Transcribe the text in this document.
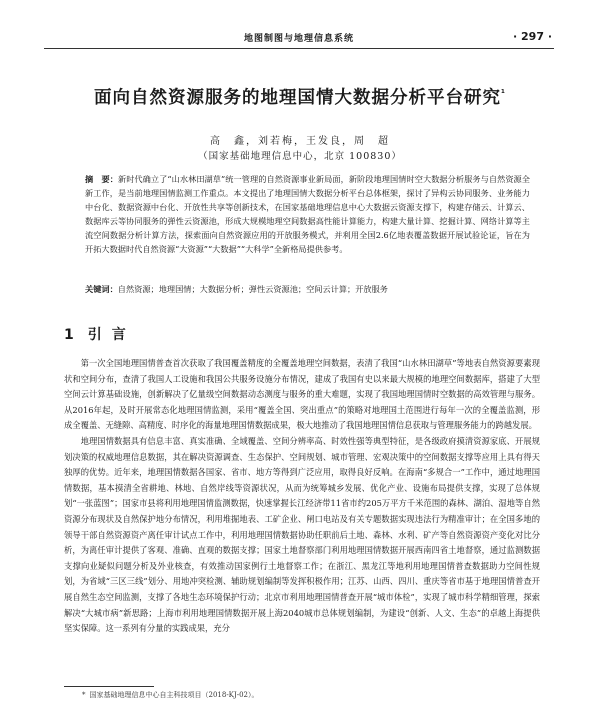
地图制图与地理信息系统	· 297 ·
面向自然资源服务的地理国情大数据分析平台研究$^{^1}$
高　鑫，刘若梅，王发良，周　超
（国家基础地理信息中心，北京 100830）
摘　要：新时代确立了“山水林田湖草”统一管理的自然资源事业新局面，新阶段地理国情时空大数据分析服务与自然资源全新工作，是当前地理国情监测工作重点。本文提出了地理国情大数据分析平台总体框架，探讨了异构云协同服务、业务能力中台化、数据资源中台化、开放性共享等创新技术，在国家基础地理信息中心大数据云资源支撑下，构建存储云、计算云、数据库云等协同服务的弹性云资源池，形成大规模地理空间数据高性能计算能力，构建大量计算、挖掘计算、网络计算等主流空间数据分析计算方法，探索面向自然资源应用的开放服务模式，并利用全国2.6亿地表覆盖数据开展试验论证，旨在为开拓大数据时代自然资源“大资源”“大数据”“大科学”全新格局提供参考。
关键词：自然资源；地理国情；大数据分析；弹性云资源池；空间云计算；开放服务
1 引言

第一次全国地理国情普查首次获取了我国覆盖精度的全覆盖地理空间数据，表清了我国“山水林田湖草”等地表自然资源要素现状和空间分布，查清了我国人工设施和我国公共服务设施分布情况，建成了我国有史以来最大规模的地理空间数据库，搭建了大型空间云计算基础设施，创新解决了亿量级空间数据动态测度与服务的重大难题，实现了我国地理国情时空数据的高效管理与服务。从2016年起，及时开展常态化地理国情监测，采用“覆盖全国、突出重点”的策略对地理国土范围进行每年一次的全覆盖监测，形成全覆盖、无缝隙、高精度、时序化的海量地理国情数据成果，极大地推动了我国地理国情信息获取与管理服务能力的跨越发展。

地理国情数据具有信息丰富、真实准确、全域覆盖、空间分辨率高、时效性强等典型特征，是各级政府摸清资源家底、开展规划决策的权威地理信息数据，其在解决资源调查、生态保护、空间规划、城市管理、宏观决策中的空间数据支撑等应用上具有得天独厚的优势。近年来，地理国情数据各国家、省市、地方等得到广泛应用，取得良好反响。在海南“多规合一”工作中，通过地理国情数据，基本摸清全省耕地、林地、自然岸线等资源状况，从而为统筹城乡发展、优化产业、设施布局提供支撑，实现了总体规划“一张蓝图”；国家市县将利用地理国情监测数据，快速掌握长江经济带11省市约205万平方千米范围的森林、湖泊、湿地等自然资源分布现状及自然保护地分布情况，利用堆掘地表、工矿企业、闸口电站及有关专题数据实现违法行为精准审计；在全国多地的领导干部自然资源资产离任审计试点工作中，利用地理国情数据协助任职前后土地、森林、水利、矿产等自然资源资产变化对比分析，为离任审计提供了客观、准确、直观的数据支撑；国家土地督察部门利用地理国情数据开展西南四省土地督察，通过监测数据支撑向业疑似问题分析及外业核查，有效推动国家例行土地督察工作；在浙江、黑龙江等地利用地理国情普查数据助力空间性规划，为省域“三区三线”划分、用地冲突检测、辅助规划编制等发挥积极作用；江苏、山西、四川、重庆等省市基于地理国情普查开展自然生态空间监测，支撑了各地生态环境保护行动；北京市利用地理国情普查开展“城市体检”，实现了城市科学精细管理，探索解决“大城市病”新思路；上海市利用地理国情数据开展上海2040城市总体规划编制，为建设“创新、人文、生态”的卓越上海提供坚实保障。这一系列有分量的实践成果，充分

* 国家基础地理信息中心自主科技项目（2018-KJ-02）。
